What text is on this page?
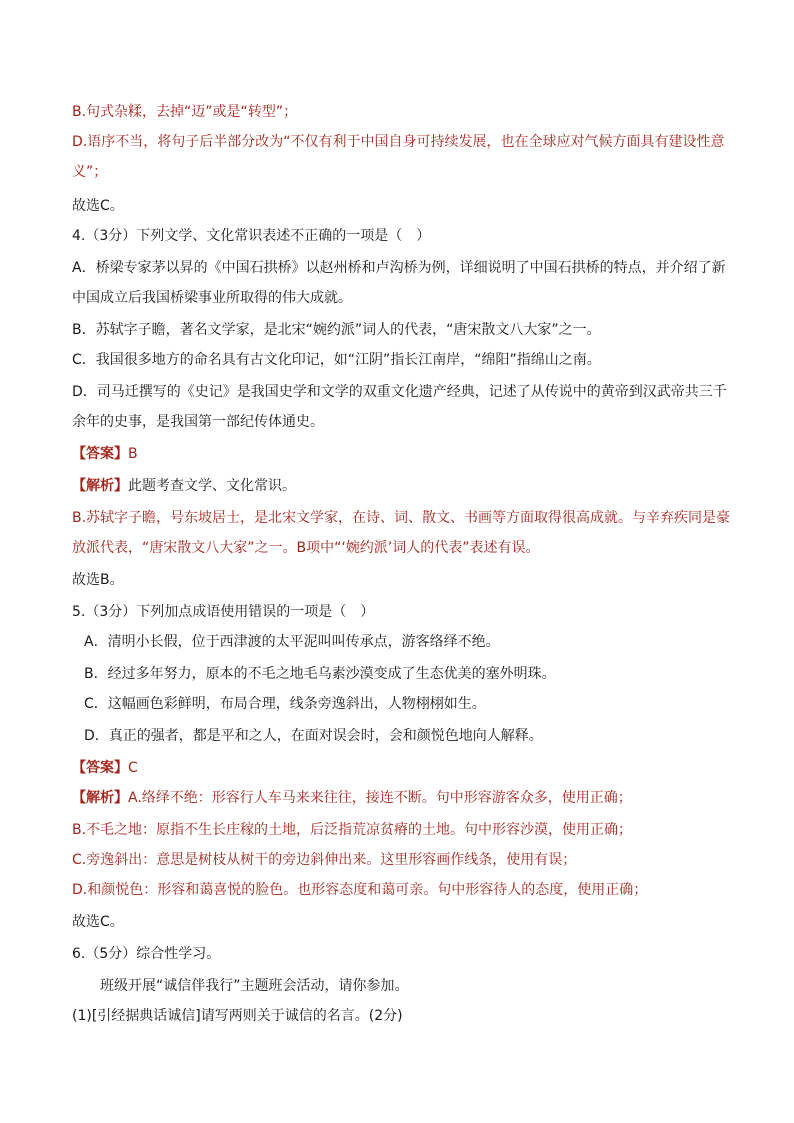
B.句式杂糅，去掉“迈”或是“转型”；
D.语序不当，将句子后半部分改为“不仅有利于中国自身可持续发展，也在全球应对气候方面具有建设性意
义”；
故选C。
4.（3分）下列文学、文化常识表述不正确的一项是（　）
A．桥梁专家茅以昇的《中国石拱桥》以赵州桥和卢沟桥为例，详细说明了中国石拱桥的特点，并介绍了新
中国成立后我国桥梁事业所取得的伟大成就。
B．苏轼字子瞻，著名文学家，是北宋“婉约派”词人的代表，“唐宋散文八大家”之一。
C．我国很多地方的命名具有古文化印记，如“江阴”指长江南岸，“绵阳”指绵山之南。
D．司马迁撰写的《史记》是我国史学和文学的双重文化遗产经典，记述了从传说中的黄帝到汉武帝共三千
余年的史事，是我国第一部纪传体通史。
【答案】B
【解析】此题考查文学、文化常识。
B.苏轼字子瞻，号东坡居士，是北宋文学家，在诗、词、散文、书画等方面取得很高成就。与辛弃疾同是豪
放派代表，“唐宋散文八大家”之一。B项中“‘婉约派’词人的代表”表述有误。
故选B。
5.（3分）下列加点成语使用错误的一项是（　）
A．清明小长假，位于西津渡的太平泥叫叫传承点，游客络绎不绝。
B．经过多年努力，原本的不毛之地毛乌素沙漠变成了生态优美的塞外明珠。
C．这幅画色彩鲜明，布局合理，线条旁逸斜出，人物栩栩如生。
D．真正的强者，都是平和之人，在面对误会时，会和颜悦色地向人解释。
【答案】C
【解析】A.络绎不绝：形容行人车马来来往往，接连不断。句中形容游客众多，使用正确；
B.不毛之地：原指不生长庄稼的土地，后泛指荒凉贫瘠的土地。句中形容沙漠，使用正确；
C.旁逸斜出：意思是树枝从树干的旁边斜伸出来。这里形容画作线条，使用有误；
D.和颜悦色：形容和蔼喜悦的脸色。也形容态度和蔼可亲。句中形容待人的态度，使用正确；
故选C。
6.（5分）综合性学习。
班级开展“诚信伴我行”主题班会活动，请你参加。
(1)[引经据典话诚信]请写两则关于诚信的名言。(2分)
